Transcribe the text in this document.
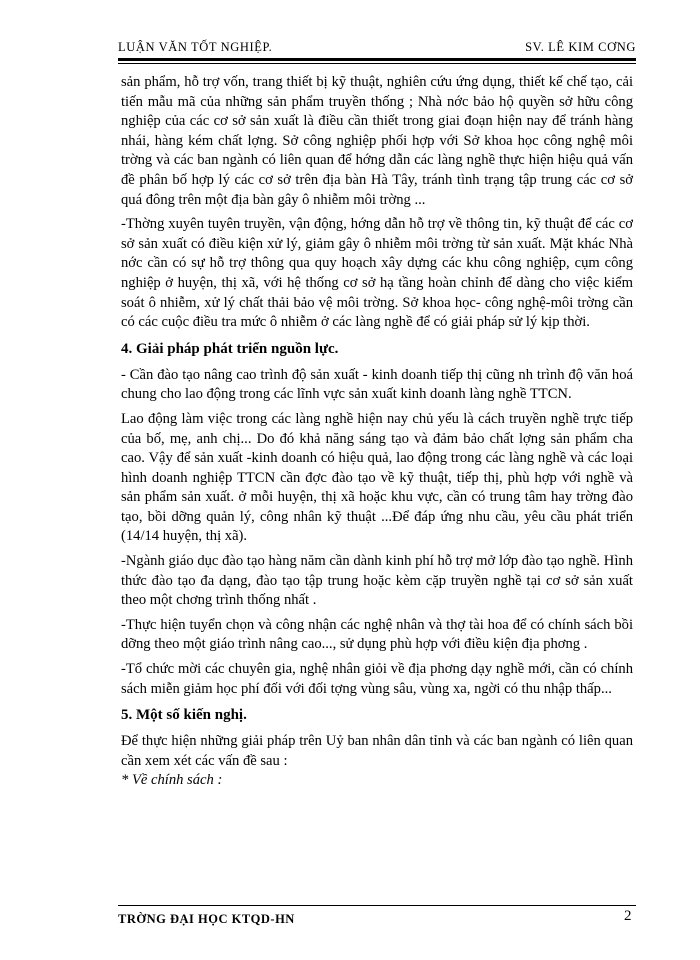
LUẬN VĂN TỐT NGHIỆP.	SV. LÊ KIM CƠNG

sản phẩm, hỗ trợ vốn, trang thiết bị kỹ thuật, nghiên cứu ứng dụng, thiết kế chế tạo, cải tiến mẫu mã của những sản phẩm truyền thống ; Nhà nớc bảo hộ quyền sở hữu công nghiệp của các cơ sở sản xuất là điều cần thiết trong giai đoạn hiện nay để tránh hàng nhái, hàng kém chất lợng. Sở công nghiệp phối hợp với Sở khoa học công nghệ môi trờng và các ban ngành có liên quan để hớng dẫn các làng nghề thực hiện hiệu quả vấn đề phân bố hợp lý các cơ sở trên địa bàn Hà Tây, tránh tình trạng tập trung các cơ sở quá đông trên một địa bàn gây ô nhiễm môi trờng ...

-Thờng xuyên tuyên truyền, vận động, hớng dẫn hỗ trợ về thông tin, kỹ thuật để các cơ sở sản xuất có điều kiện xử lý, giảm gây ô nhiễm môi trờng từ sản xuất. Mặt khác Nhà nớc cần có sự hỗ trợ thông qua quy hoạch xây dựng các khu công nghiệp, cụm công nghiệp ở huyện, thị xã, với hệ thống cơ sở hạ tầng hoàn chỉnh để dàng cho việc kiểm soát ô nhiễm, xử lý chất thải bảo vệ môi trờng. Sở khoa học- công nghệ-môi trờng cần có các cuộc điều tra mức ô nhiễm ở các làng nghề để có giải pháp sử lý kịp thời.

4. Giải pháp phát triển nguồn lực.

- Cần đào tạo nâng cao trình độ sản xuất - kinh doanh tiếp thị cũng nh trình độ văn hoá chung cho lao động trong các lĩnh vực sản xuất kinh doanh làng nghề TTCN.

Lao động làm việc trong các làng nghề hiện nay chủ yếu là cách truyền nghề trực tiếp của bố, mẹ, anh chị... Do đó khả năng sáng tạo và đảm bảo chất lợng sản phẩm cha cao. Vậy để sản xuất -kinh doanh có hiệu quả, lao động trong các làng nghề và các loại hình doanh nghiệp TTCN cần đợc đào tạo về kỹ thuật, tiếp thị, phù hợp với nghề và sản phẩm sản xuất. ở mỗi huyện, thị xã hoặc khu vực, cần có trung tâm hay trờng đào tạo, bồi dỡng quản lý, công nhân kỹ thuật ...Để đáp ứng nhu cầu, yêu cầu phát triển (14/14 huyện, thị xã).

-Ngành giáo dục đào tạo hàng năm cần dành kinh phí hỗ trợ mở lớp đào tạo nghề. Hình thức đào tạo đa dạng, đào tạo tập trung hoặc kèm cặp truyền nghề tại cơ sở sản xuất theo một chơng trình thống nhất .

-Thực hiện tuyển chọn và công nhận các nghệ nhân và thợ tài hoa để có chính sách bồi dỡng theo một giáo trình nâng cao..., sử dụng phù hợp với điều kiện địa phơng .

-Tổ chức mời các chuyên gia, nghệ nhân giỏi về địa phơng dạy nghề mới, cần có chính sách miễn giảm học phí đối với đối tợng vùng sâu, vùng xa, ngời có thu nhập thấp...

5. Một số kiến nghị.

Để thực hiện những giải pháp trên Uỷ ban nhân dân tỉnh và các ban ngành có liên quan cần xem xét các vấn đề sau :

* Về chính sách :

TRỜNG ĐẠI HỌC KTQD-HN	2
